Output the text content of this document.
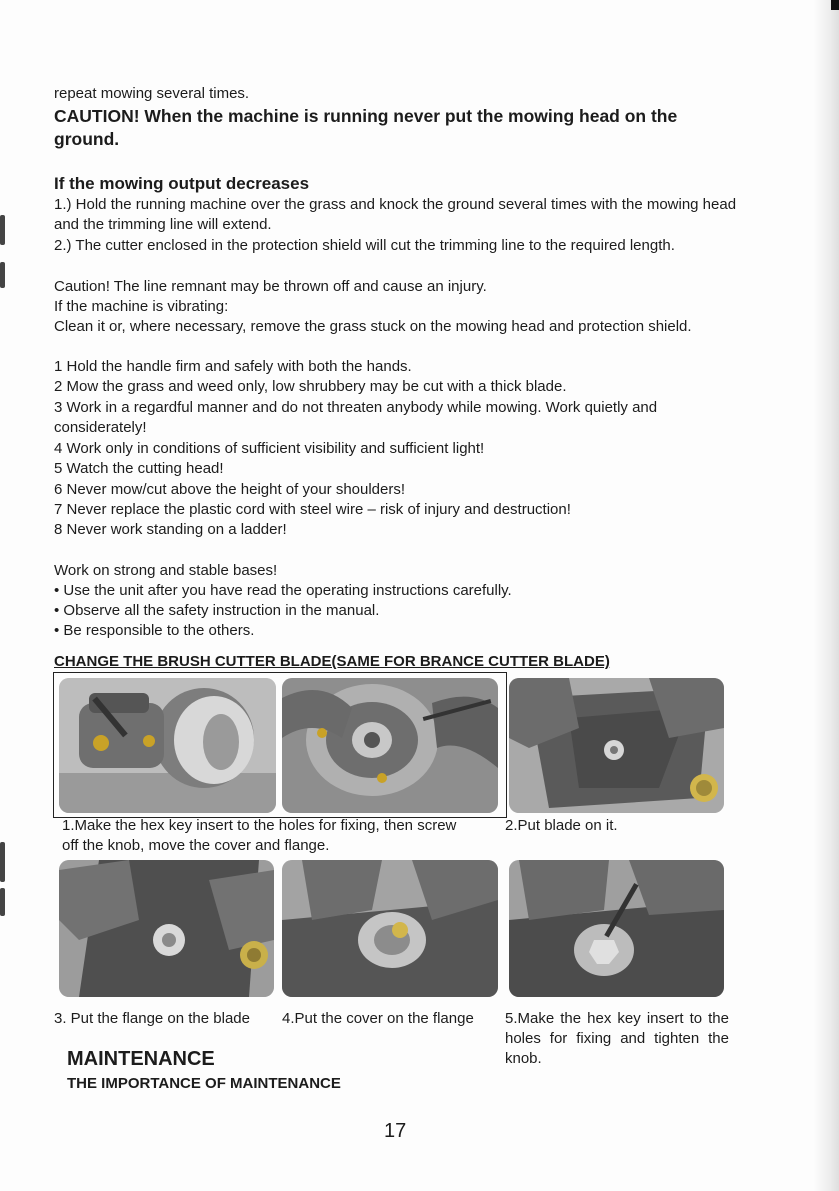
repeat mowing several times.

CAUTION! When the machine is running never put the mowing head on the ground.

If the mowing output decreases

1.) Hold the running machine over the grass and knock the ground several times with the mowing head and the trimming line will extend.

2.) The cutter enclosed in the protection shield will cut the trimming line to the required length.

Caution! The line remnant may be thrown off and cause an injury.

If the machine is vibrating:

Clean it or, where necessary, remove the grass stuck on the mowing head and protection shield.

1 Hold the handle firm and safely with both the hands.

2 Mow the grass and weed only, low shrubbery may be cut with a thick blade.

3 Work in a regardful manner and do not threaten anybody while mowing. Work quietly and considerately!

4 Work only in conditions of sufficient visibility and sufficient light!

5 Watch the cutting head!

6 Never mow/cut above the height of your shoulders!

7 Never replace the plastic cord with steel wire – risk of injury and destruction!

8 Never work standing on a ladder!

Work on strong and stable bases!

• Use the unit after you have read the operating instructions carefully.

• Observe all the safety instruction in the manual.

• Be responsible to the others.

CHANGE THE BRUSH CUTTER BLADE(SAME FOR BRANCE CUTTER BLADE)

1.Make the hex key insert to the holes for fixing, then screw off the knob, move the cover and flange.

2.Put blade on it.

3. Put the flange on the blade	4.Put the cover on the flange	5.Make the hex key insert to the holes for fixing and tighten the knob.

MAINTENANCE

THE IMPORTANCE OF MAINTENANCE

17
